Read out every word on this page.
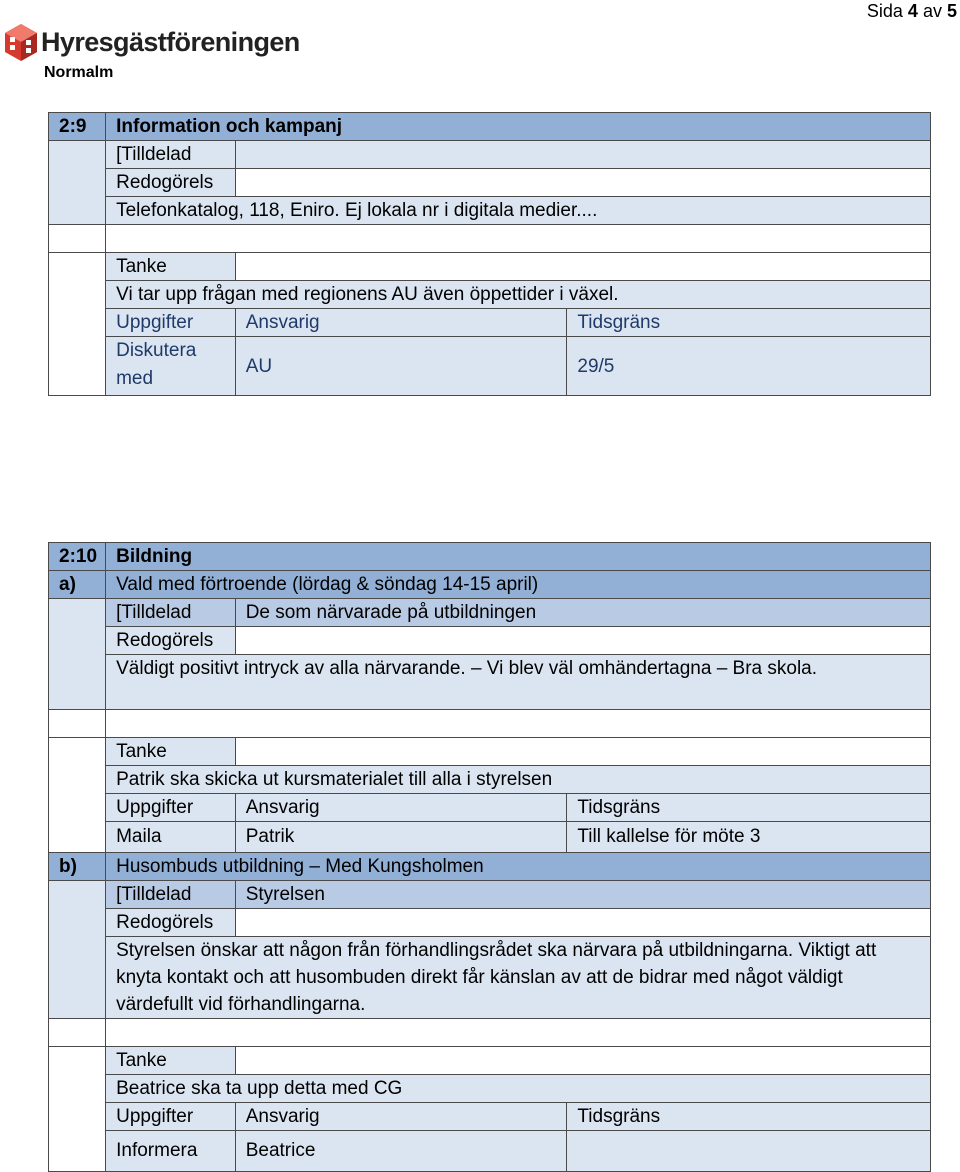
Hyresgästföreningen
Normalm
Sida 4 av 5
2:9	Information och kampanj		
	[Tilldelad		
	Redogörels		
	Telefonkatalog, 118, Eniro. Ej lokala nr i digitala medier....		

	Tanke		
	Vi tar upp frågan med regionens AU även öppettider i växel.		
	Uppgifter	Ansvarig	Tidsgräns
	Diskutera med	AU	29/5
2:10	Bildning		
a)	Vald med förtroende (lördag & söndag 14-15 april)		
	[Tilldelad	De som närvarade på utbildningen	
	Redogörels		
	Väldigt positivt intryck av alla närvarande. – Vi blev väl omhändertagna – Bra skola.		

	Tanke		
	Patrik ska skicka ut kursmaterialet till alla i styrelsen		
	Uppgifter	Ansvarig	Tidsgräns
	Maila	Patrik	Till kallelse för möte 3
b)	Husombuds utbildning – Med Kungsholmen		
	[Tilldelad	Styrelsen	
	Redogörels		
	Styrelsen önskar att någon från förhandlingsrådet ska närvara på utbildningarna. Viktigt att knyta kontakt och att husombuden direkt får känslan av att de bidrar med något väldigt värdefullt vid förhandlingarna.		

	Tanke		
	Beatrice ska ta upp detta med CG		
	Uppgifter	Ansvarig	Tidsgräns
	Informera	Beatrice	
